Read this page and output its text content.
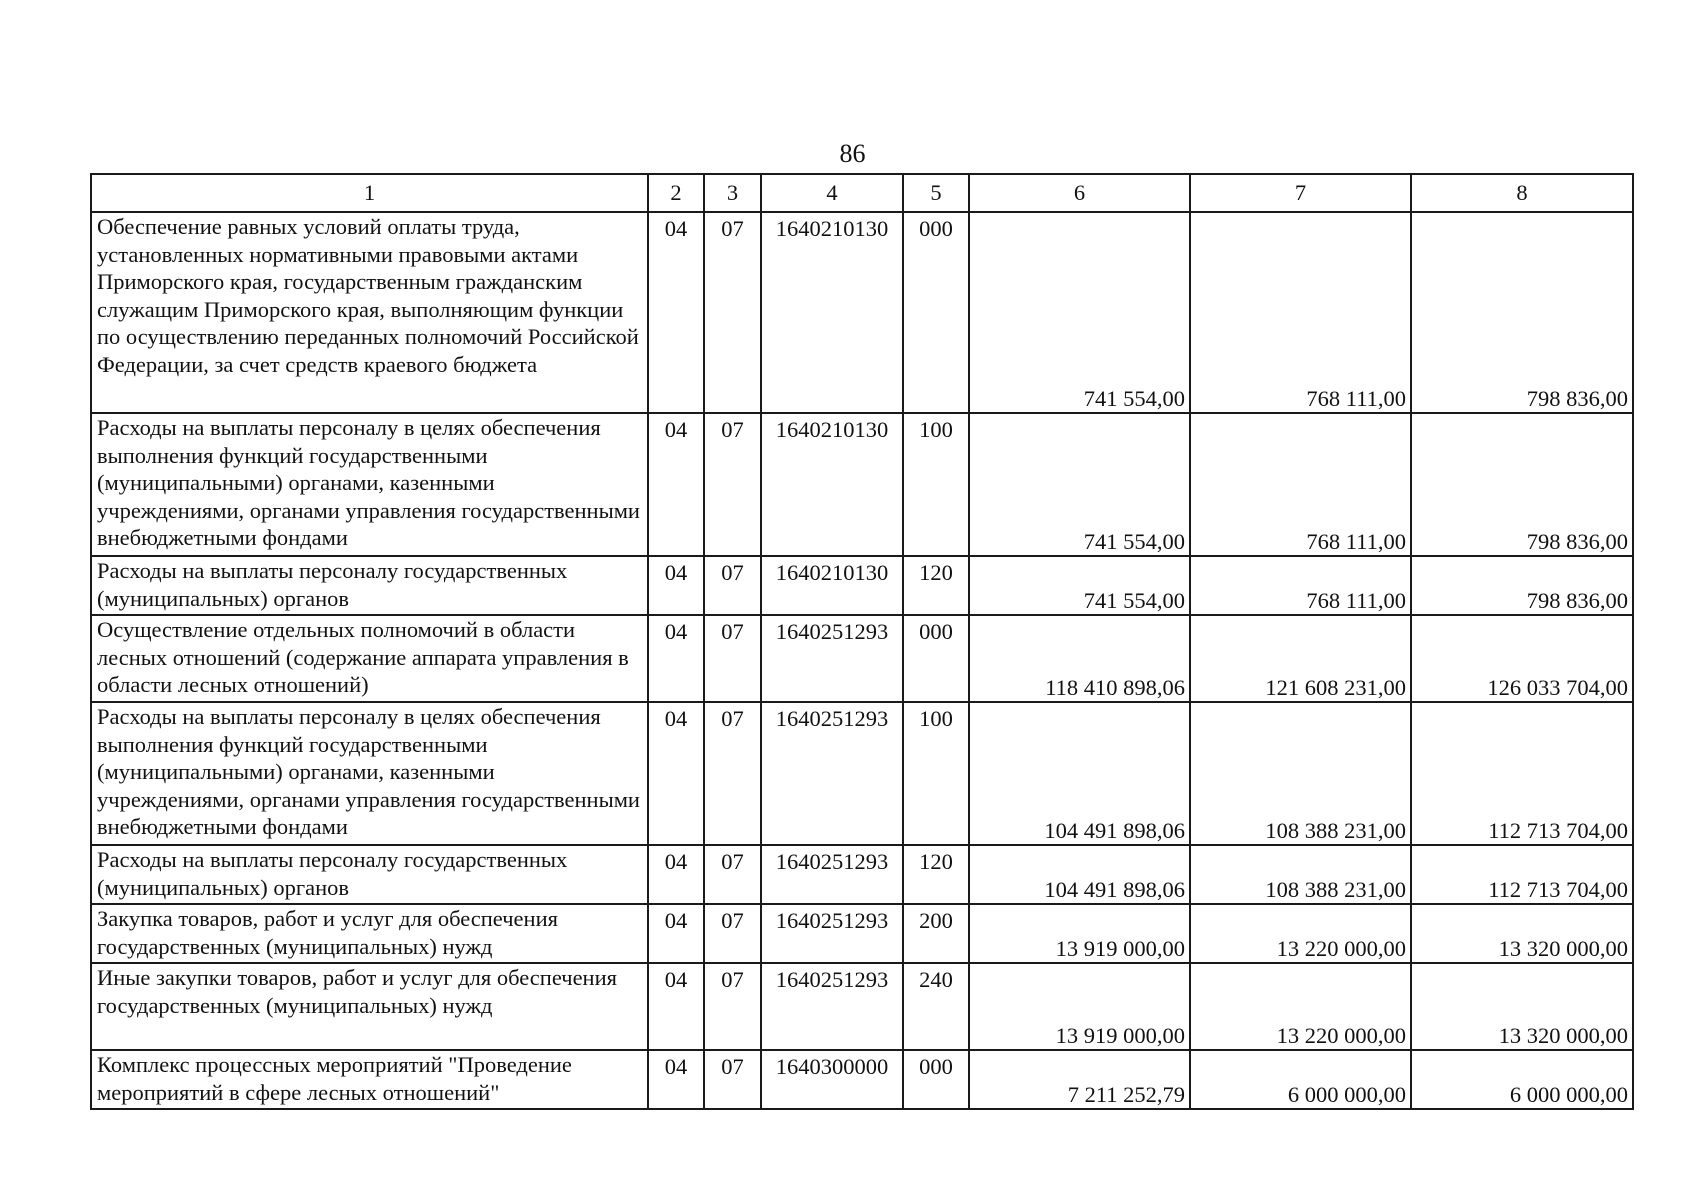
86
1	2	3	4	5	6	7	8
Обеспечение равных условий оплаты труда, установленных нормативными правовыми актами Приморского края, государственным гражданским служащим Приморского края, выполняющим функции по осуществлению переданных полномочий Российской Федерации, за счет средств краевого бюджета	04	07	1640210130	000	741 554,00	768 111,00	798 836,00
Расходы на выплаты персоналу в целях обеспечения выполнения функций государственными (муниципальными) органами, казенными учреждениями, органами управления государственными внебюджетными фондами	04	07	1640210130	100	741 554,00	768 111,00	798 836,00
Расходы на выплаты персоналу государственных (муниципальных) органов	04	07	1640210130	120	741 554,00	768 111,00	798 836,00
Осуществление отдельных полномочий в области лесных отношений (содержание аппарата управления в области лесных отношений)	04	07	1640251293	000	118 410 898,06	121 608 231,00	126 033 704,00
Расходы на выплаты персоналу в целях обеспечения выполнения функций государственными (муниципальными) органами, казенными учреждениями, органами управления государственными внебюджетными фондами	04	07	1640251293	100	104 491 898,06	108 388 231,00	112 713 704,00
Расходы на выплаты персоналу государственных (муниципальных) органов	04	07	1640251293	120	104 491 898,06	108 388 231,00	112 713 704,00
Закупка товаров, работ и услуг для обеспечения государственных (муниципальных) нужд	04	07	1640251293	200	13 919 000,00	13 220 000,00	13 320 000,00
Иные закупки товаров, работ и услуг для обеспечения государственных (муниципальных) нужд	04	07	1640251293	240	13 919 000,00	13 220 000,00	13 320 000,00
Комплекс процессных мероприятий "Проведение мероприятий в сфере лесных отношений"	04	07	1640300000	000	7 211 252,79	6 000 000,00	6 000 000,00
